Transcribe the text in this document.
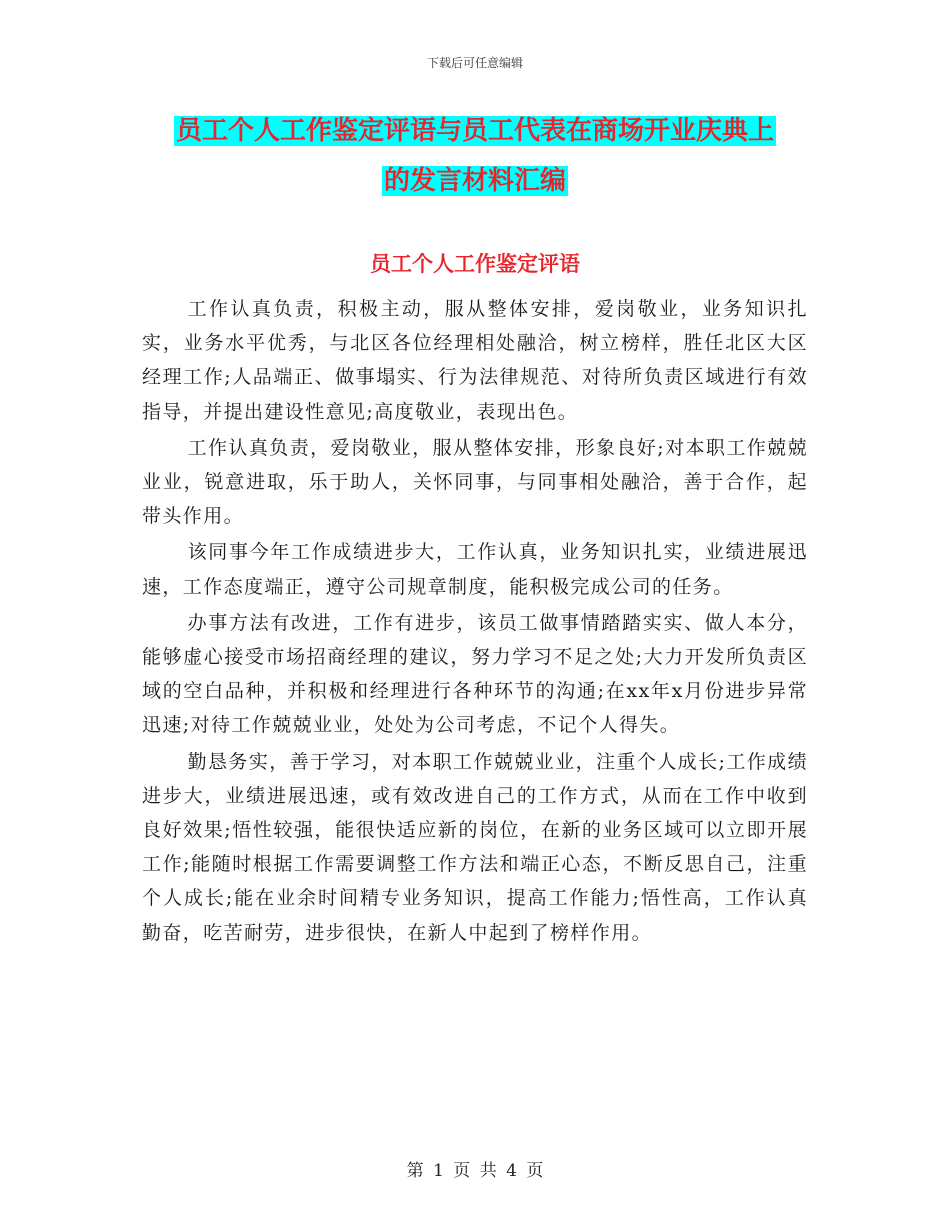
下载后可任意编辑
员工个人工作鉴定评语与员工代表在商场开业庆典上
的发言材料汇编
员工个人工作鉴定评语

工作认真负责，积极主动，服从整体安排，爱岗敬业，业务知识扎实，业务水平优秀，与北区各位经理相处融洽，树立榜样，胜任北区大区经理工作;人品端正、做事塌实、行为法律规范、对待所负责区域进行有效指导，并提出建设性意见;高度敬业，表现出色。

工作认真负责，爱岗敬业，服从整体安排，形象良好;对本职工作兢兢业业，锐意进取，乐于助人，关怀同事，与同事相处融洽，善于合作，起带头作用。

该同事今年工作成绩进步大，工作认真，业务知识扎实，业绩进展迅速，工作态度端正，遵守公司规章制度，能积极完成公司的任务。

办事方法有改进，工作有进步，该员工做事情踏踏实实、做人本分，能够虚心接受市场招商经理的建议，努力学习不足之处;大力开发所负责区域的空白品种，并积极和经理进行各种环节的沟通;在xx年x月份进步异常迅速;对待工作兢兢业业，处处为公司考虑，不记个人得失。

勤恳务实，善于学习，对本职工作兢兢业业，注重个人成长;工作成绩进步大，业绩进展迅速，或有效改进自己的工作方式，从而在工作中收到良好效果;悟性较强，能很快适应新的岗位，在新的业务区域可以立即开展工作;能随时根据工作需要调整工作方法和端正心态，不断反思自己，注重个人成长;能在业余时间精专业务知识，提高工作能力;悟性高，工作认真勤奋，吃苦耐劳，进步很快，在新人中起到了榜样作用。

第 1 页 共 4 页
